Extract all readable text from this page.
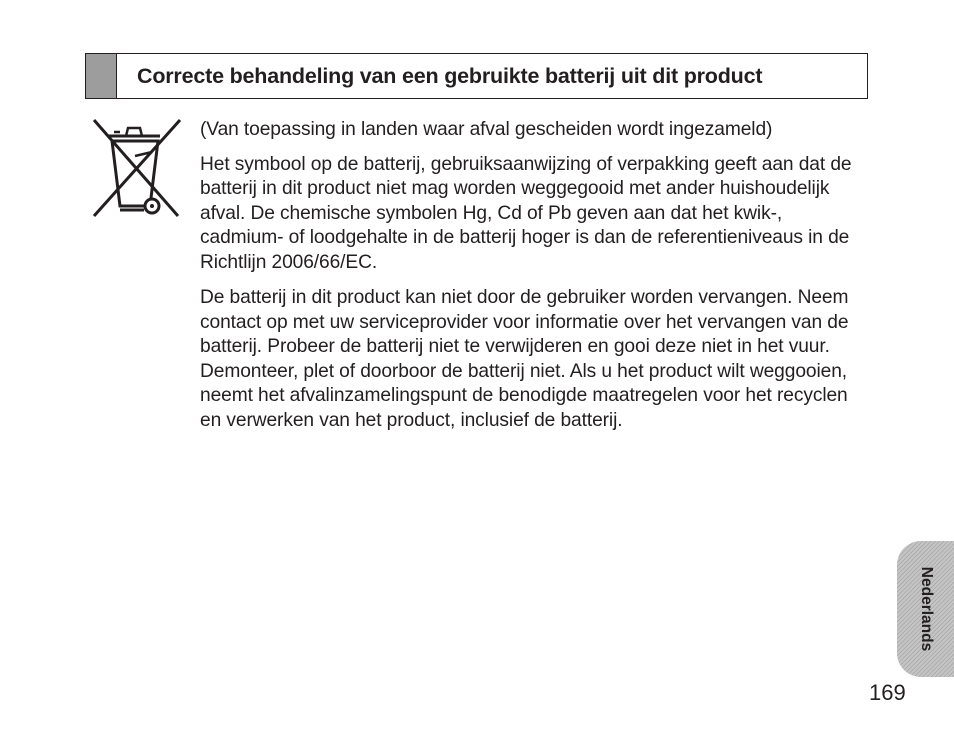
Correcte behandeling van een gebruikte batterij uit dit product

(Van toepassing in landen waar afval gescheiden wordt ingezameld)

Het symbool op de batterij, gebruiksaanwijzing of verpakking geeft aan dat de batterij in dit product niet mag worden weggegooid met ander huishoudelijk afval. De chemische symbolen Hg, Cd of Pb geven aan dat het kwik-, cadmium- of loodgehalte in de batterij hoger is dan de referentieniveaus in de Richtlijn 2006/66/EC.

De batterij in dit product kan niet door de gebruiker worden vervangen. Neem contact op met uw serviceprovider voor informatie over het vervangen van de batterij. Probeer de batterij niet te verwijderen en gooi deze niet in het vuur. Demonteer, plet of doorboor de batterij niet. Als u het product wilt weggooien, neemt het afvalinzamelingspunt de benodigde maatregelen voor het recyclen en verwerken van het product, inclusief de batterij.

Nederlands
169
